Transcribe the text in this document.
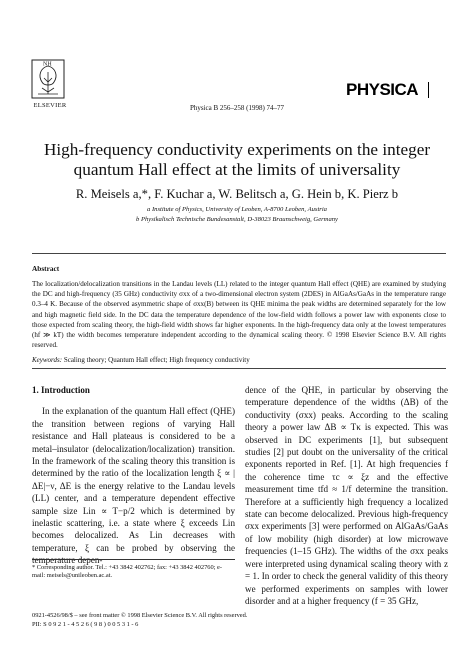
NH
ELSEVIER	Physica B 256–258 (1998) 74–77
PHYSICA
High-frequency conductivity experiments on the integer
quantum Hall effect at the limits of universality
R. Meisels a,*, F. Kuchar a, W. Belitsch a, G. Hein b, K. Pierz b
a Institute of Physics, University of Leoben, A-8700 Leoben, Austria
b Physikalisch Technische Bundesanstalt, D-38023 Braunschweig, Germany
Abstract
The localization/delocalization transitions in the Landau levels (LL) related to the integer quantum Hall effect (QHE) are examined by studying the DC and high-frequency (35 GHz) conductivity σxx of a two-dimensional electron system (2DES) in AlGaAs/GaAs in the temperature range 0.3–4 K. Because of the observed asymmetric shape of σxx(B) between its QHE minima the peak widths are determined separately for the low and high magnetic field side. In the DC data the temperature dependence of the low-field width follows a power law with exponents close to those expected from scaling theory, the high-field width shows far higher exponents. In the high-frequency data only at the lowest temperatures (hf ≫ kT) the width becomes temperature independent according to the dynamical scaling theory. © 1998 Elsevier Science B.V. All rights reserved.
Keywords: Scaling theory; Quantum Hall effect; High frequency conductivity
1. Introduction
In the explanation of the quantum Hall effect (QHE) the transition between regions of varying Hall resistance and Hall plateaus is considered to be a metal–insulator (delocalization/localization) transition. In the framework of the scaling theory this transition is determined by the ratio of the localization length ξ ∝ |ΔE|−ν, ΔE is the energy relative to the Landau levels (LL) center, and a temperature dependent effective sample size Lin ∝ T−p/2 which is determined by inelastic scattering, i.e. a state where ξ exceeds Lin becomes delocalized. As Lin decreases with temperature, ξ can be probed by observing the temperature depen-
dence of the QHE, in particular by observing the temperature dependence of the widths (ΔB) of the conductivity (σxx) peaks. According to the scaling theory a power law ΔB ∝ Tκ is expected. This was observed in DC experiments [1], but subsequent studies [2] put doubt on the universality of the critical exponents reported in Ref. [1]. At high frequencies f the coherence time τc ∝ ξz and the effective measurement time tfd ≈ 1/f determine the transition. Therefore at a sufficiently high frequency a localized state can become delocalized. Previous high-frequency σxx experiments [3] were performed on AlGaAs/GaAs of low mobility (high disorder) at low microwave frequencies (1–15 GHz). The widths of the σxx peaks were interpreted using dynamical scaling theory with z = 1. In order to check the general validity of this theory we performed experiments on samples with lower disorder and at a higher frequency (f = 35 GHz,
* Corresponding author. Tel.: +43 3842 402762; fax: +43 3842 402760; e-mail: meisels@unileoben.ac.at.
0921-4526/98/$ – see front matter © 1998 Elsevier Science B.V. All rights reserved.
PII: S 0 9 2 1 - 4 5 2 6 ( 9 8 ) 0 0 5 3 1 - 6
